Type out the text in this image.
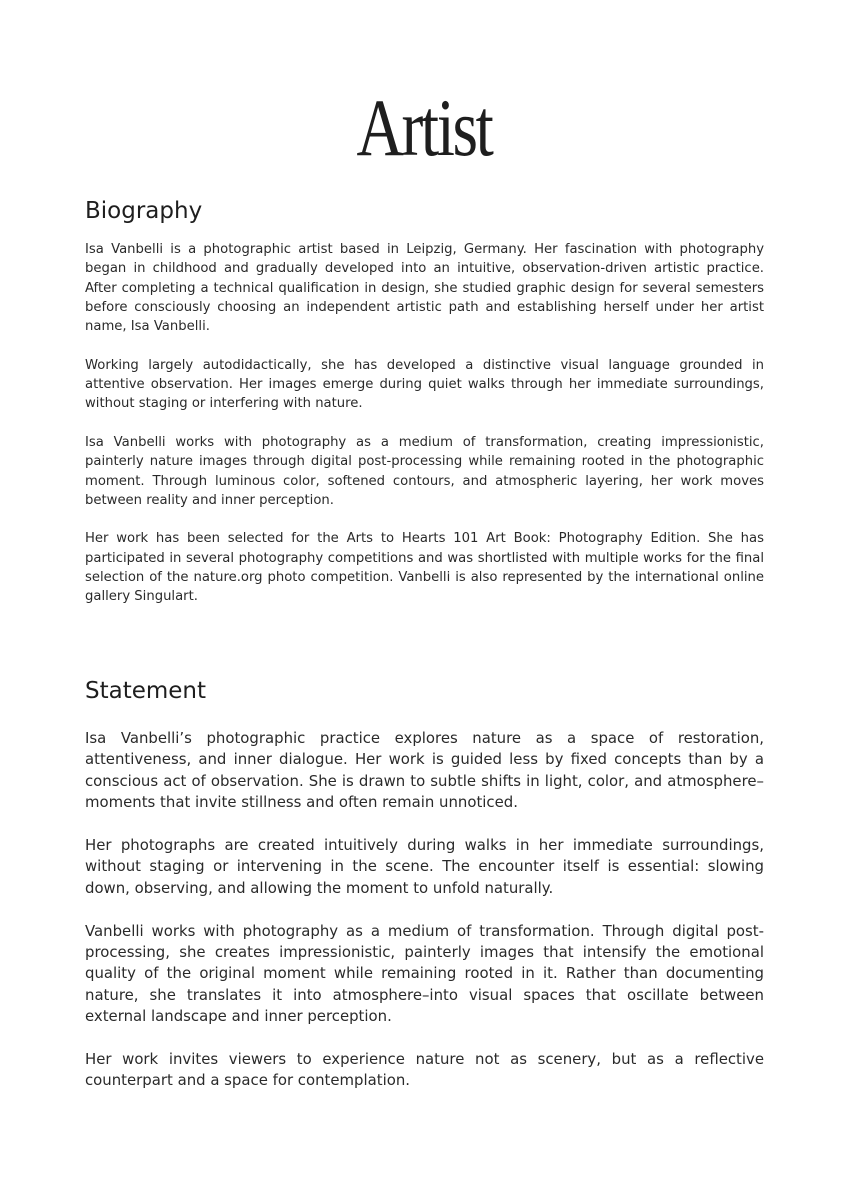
Artist
Biography

Isa Vanbelli is a photographic artist based in Leipzig, Germany. Her fascination with photography began in childhood and gradually developed into an intuitive, observation-driven artistic practice. After completing a technical qualification in design, she studied graphic design for several semesters before consciously choosing an independent artistic path and establishing herself under her artist name, Isa Vanbelli.

Working largely autodidactically, she has developed a distinctive visual language grounded in attentive observation. Her images emerge during quiet walks through her immediate surroundings, without staging or interfering with nature.

Isa Vanbelli works with photography as a medium of transformation, creating impressionistic, painterly nature images through digital post-processing while remaining rooted in the photographic moment. Through luminous color, softened contours, and atmospheric layering, her work moves between reality and inner perception.

Her work has been selected for the Arts to Hearts 101 Art Book: Photography Edition. She has participated in several photography competitions and was shortlisted with multiple works for the final selection of the nature.org photo competition. Vanbelli is also represented by the international online gallery Singulart.

Statement

Isa Vanbelli’s photographic practice explores nature as a space of restoration, attentiveness, and inner dialogue. Her work is guided less by fixed concepts than by a conscious act of observation. She is drawn to subtle shifts in light, color, and atmosphere–moments that invite stillness and often remain unnoticed.

Her photographs are created intuitively during walks in her immediate surroundings, without staging or intervening in the scene. The encounter itself is essential: slowing down, observing, and allowing the moment to unfold naturally.

Vanbelli works with photography as a medium of transformation. Through digital post-processing, she creates impressionistic, painterly images that intensify the emotional quality of the original moment while remaining rooted in it. Rather than documenting nature, she translates it into atmosphere–into visual spaces that oscillate between external landscape and inner perception.

Her work invites viewers to experience nature not as scenery, but as a reflective counterpart and a space for contemplation.
